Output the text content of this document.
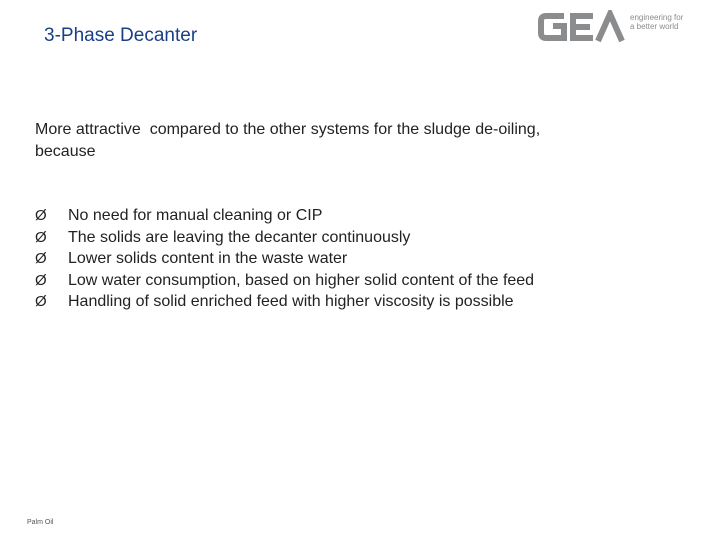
3-Phase Decanter
engineering for
a better world
More attractive  compared to the other systems for the sludge de-oiling,
because
Ø No need for manual cleaning or CIP
Ø The solids are leaving the decanter continuously
Ø Lower solids content in the waste water
Ø Low water consumption, based on higher solid content of the feed
Ø Handling of solid enriched feed with higher viscosity is possible
Palm Oil
